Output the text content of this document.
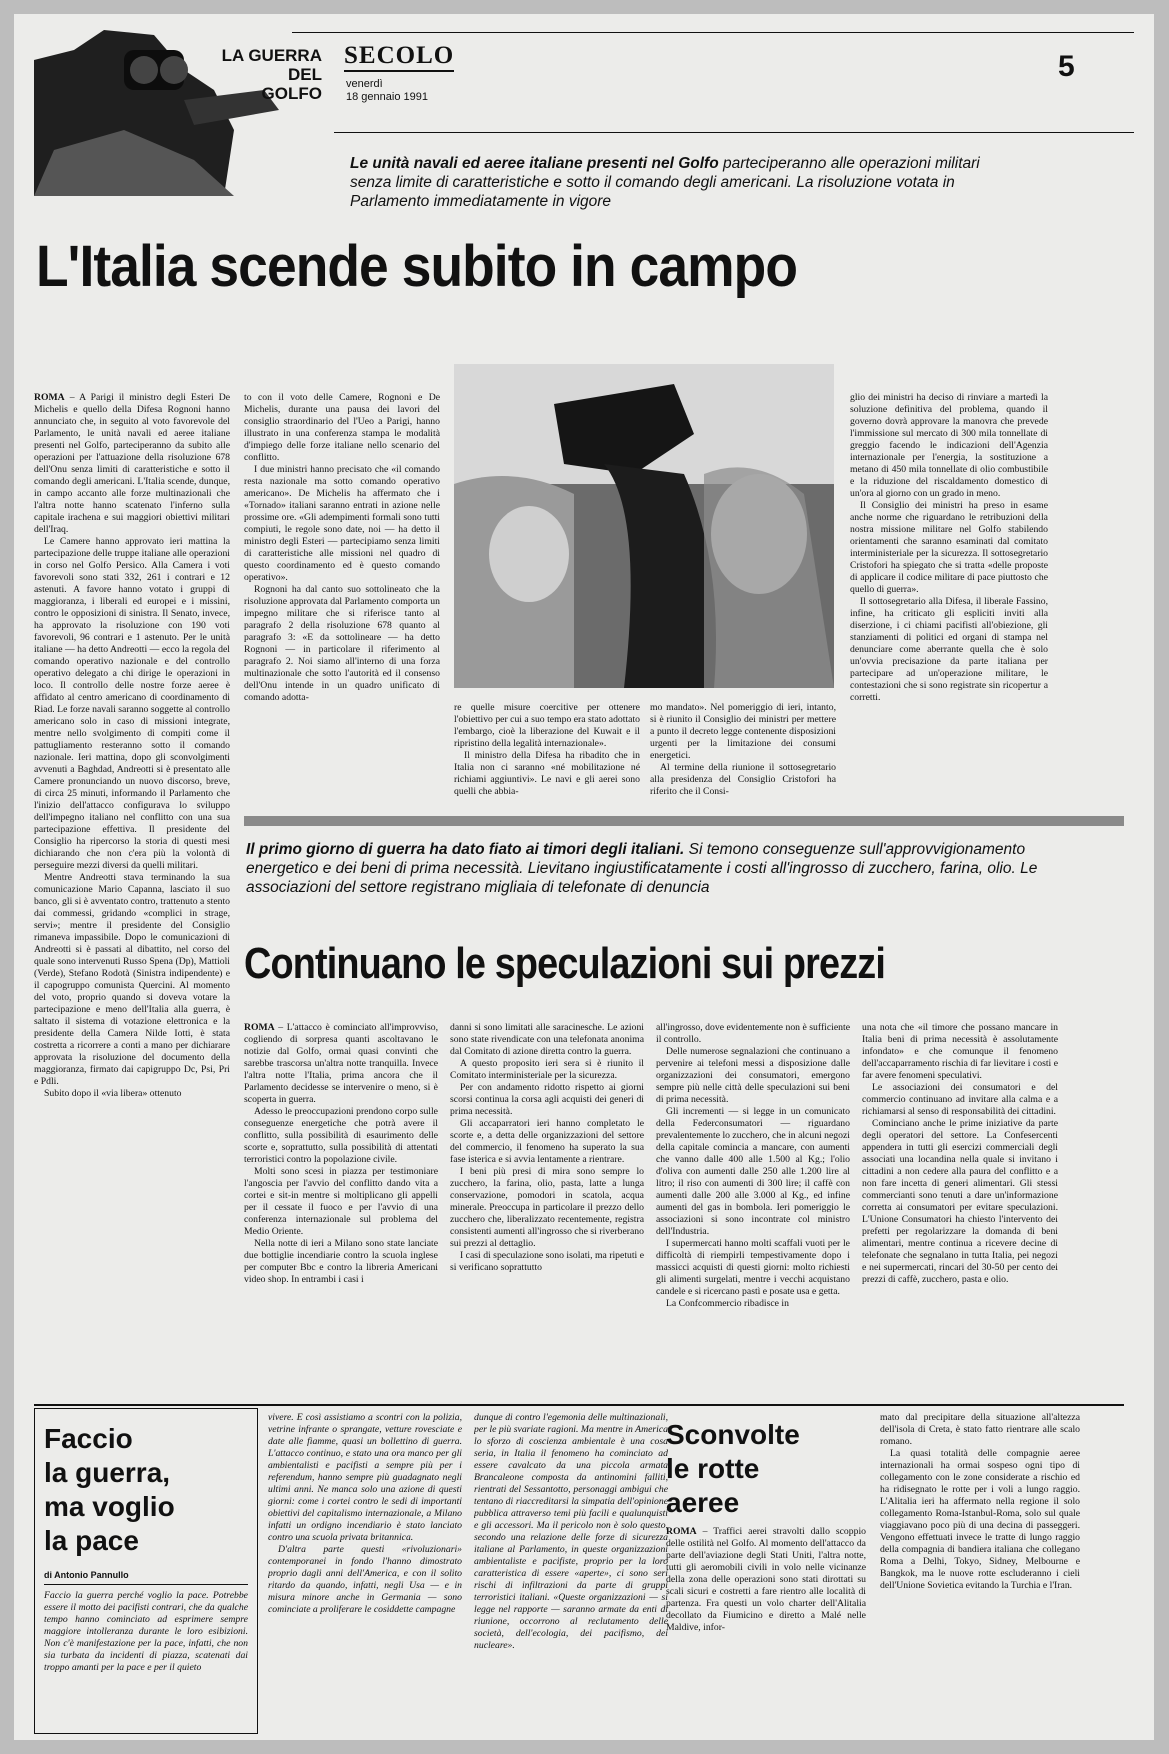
LA GUERRA
DEL
GOLFO
SECOLO
venerdì
18 gennaio 1991
5
Le unità navali ed aeree italiane presenti nel Golfo parteciperanno alle operazioni militari senza limite di caratteristiche e sotto il comando degli americani. La risoluzione votata in Parlamento immediatamente in vigore
L'Italia scende subito in campo

ROMA – A Parigi il ministro degli Esteri De Michelis e quello della Difesa Rognoni hanno annunciato che, in seguito al voto favorevole del Parlamento, le unità navali ed aeree italiane presenti nel Golfo, parteciperanno da subito alle operazioni per l'attuazione della risoluzione 678 dell'Onu senza limiti di caratteristiche e sotto il comando degli americani. L'Italia scende, dunque, in campo accanto alle forze multinazionali che l'altra notte hanno scatenato l'inferno sulla capitale irachena e sui maggiori obiettivi militari dell'Iraq.

Le Camere hanno approvato ieri mattina la partecipazione delle truppe italiane alle operazioni in corso nel Golfo Persico. Alla Camera i voti favorevoli sono stati 332, 261 i contrari e 12 astenuti. A favore hanno votato i gruppi di maggioranza, i liberali ed europei e i missini, contro le opposizioni di sinistra. Il Senato, invece, ha approvato la risoluzione con 190 voti favorevoli, 96 contrari e 1 astenuto. Per le unità italiane — ha detto Andreotti — ecco la regola del comando operativo nazionale e del controllo operativo delegato a chi dirige le operazioni in loco. Il controllo delle nostre forze aeree è affidato al centro americano di coordinamento di Riad. Le forze navali saranno soggette al controllo americano solo in caso di missioni integrate, mentre nello svolgimento di compiti come il pattugliamento resteranno sotto il comando nazionale. Ieri mattina, dopo gli sconvolgimenti avvenuti a Baghdad, Andreotti si è presentato alle Camere pronunciando un nuovo discorso, breve, di circa 25 minuti, informando il Parlamento che l'inizio dell'attacco configurava lo sviluppo dell'impegno italiano nel conflitto con una sua partecipazione effettiva. Il presidente del Consiglio ha ripercorso la storia di questi mesi dichiarando che non c'era più la volontà di perseguire mezzi diversi da quelli militari.

Mentre Andreotti stava terminando la sua comunicazione Mario Capanna, lasciato il suo banco, gli si è avventato contro, trattenuto a stento dai commessi, gridando «complici in strage, servi»; mentre il presidente del Consiglio rimaneva impassibile. Dopo le comunicazioni di Andreotti si è passati al dibattito, nel corso del quale sono intervenuti Russo Spena (Dp), Mattioli (Verde), Stefano Rodotà (Sinistra indipendente) e il capogruppo comunista Quercini. Al momento del voto, proprio quando si doveva votare la partecipazione e meno dell'Italia alla guerra, è saltato il sistema di votazione elettronica e la presidente della Camera Nilde Iotti, è stata costretta a ricorrere a conti a mano per dichiarare approvata la risoluzione del documento della maggioranza, firmato dai capigruppo Dc, Psi, Pri e Pdli.

Subito dopo il «via libera» ottenuto

to con il voto delle Camere, Rognoni e De Michelis, durante una pausa dei lavori del consiglio straordinario del l'Ueo a Parigi, hanno illustrato in una conferenza stampa le modalità d'impiego delle forze italiane nello scenario del conflitto.

I due ministri hanno precisato che «il comando resta nazionale ma sotto comando operativo americano». De Michelis ha affermato che i «Tornado» italiani saranno entrati in azione nelle prossime ore. «Gli adempimenti formali sono tutti compiuti, le regole sono date, noi — ha detto il ministro degli Esteri — partecipiamo senza limiti di caratteristiche alle missioni nel quadro di questo coordinamento ed è questo comando operativo».

Rognoni ha dal canto suo sottolineato che la risoluzione approvata dal Parlamento comporta un impegno militare che si riferisce tanto al paragrafo 2 della risoluzione 678 quanto al paragrafo 3: «E da sottolineare — ha detto Rognoni — in particolare il riferimento al paragrafo 2. Noi siamo all'interno di una forza multinazionale che sotto l'autorità ed il consenso dell'Onu intende in un quadro unificato di comando adotta-

re quelle misure coercitive per ottenere l'obiettivo per cui a suo tempo era stato adottato l'embargo, cioè la liberazione del Kuwait e il ripristino della legalità internazionale».

Il ministro della Difesa ha ribadito che in Italia non ci saranno «né mobilitazione né richiami aggiuntivi». Le navi e gli aerei sono quelli che abbia-

mo mandato». Nel pomeriggio di ieri, intanto, si è riunito il Consiglio dei ministri per mettere a punto il decreto legge contenente disposizioni urgenti per la limitazione dei consumi energetici.

Al termine della riunione il sottosegretario alla presidenza del Consiglio Cristofori ha riferito che il Consi-

glio dei ministri ha deciso di rinviare a martedì la soluzione definitiva del problema, quando il governo dovrà approvare la manovra che prevede l'immissione sul mercato di 300 mila tonnellate di greggio facendo le indicazioni dell'Agenzia internazionale per l'energia, la sostituzione a metano di 450 mila tonnellate di olio combustibile e la riduzione del riscaldamento domestico di un'ora al giorno con un grado in meno.

Il Consiglio dei ministri ha preso in esame anche norme che riguardano le retribuzioni della nostra missione militare nel Golfo stabilendo orientamenti che saranno esaminati dal comitato interministeriale per la sicurezza. Il sottosegretario Cristofori ha spiegato che si tratta «delle proposte di applicare il codice militare di pace piuttosto che quello di guerra».

Il sottosegretario alla Difesa, il liberale Fassino, infine, ha criticato gli espliciti inviti alla diserzione, i ci chiami pacifisti all'obiezione, gli stanziamenti di politici ed organi di stampa nel denunciare come aberrante quella che è solo un'ovvia precisazione da parte italiana per partecipare ad un'operazione militare, le contestazioni che si sono registrate sin ricopertur a corretti.

Il primo giorno di guerra ha dato fiato ai timori degli italiani. Si temono conseguenze sull'approvvigionamento energetico e dei beni di prima necessità. Lievitano ingiustificatamente i costi all'ingrosso di zucchero, farina, olio. Le associazioni del settore registrano migliaia di telefonate di denuncia
Continuano le speculazioni sui prezzi

ROMA – L'attacco è cominciato all'improvviso, cogliendo di sorpresa quanti ascoltavano le notizie dal Golfo, ormai quasi convinti che sarebbe trascorsa un'altra notte tranquilla. Invece l'altra notte l'Italia, prima ancora che il Parlamento decidesse se intervenire o meno, si è scoperta in guerra.

Adesso le preoccupazioni prendono corpo sulle conseguenze energetiche che potrà avere il conflitto, sulla possibilità di esaurimento delle scorte e, soprattutto, sulla possibilità di attentati terroristici contro la popolazione civile.

Molti sono scesi in piazza per testimoniare l'angoscia per l'avvio del conflitto dando vita a cortei e sit-in mentre si moltiplicano gli appelli per il cessate il fuoco e per l'avvio di una conferenza internazionale sul problema del Medio Oriente.

Nella notte di ieri a Milano sono state lanciate due bottiglie incendiarie contro la scuola inglese per computer Bbc e contro la libreria Americani video shop. In entrambi i casi i

danni si sono limitati alle saracinesche. Le azioni sono state rivendicate con una telefonata anonima dal Comitato di azione diretta contro la guerra.

A questo proposito ieri sera si è riunito il Comitato interministeriale per la sicurezza.

Per con andamento ridotto rispetto ai giorni scorsi continua la corsa agli acquisti dei generi di prima necessità.

Gli accaparratori ieri hanno completato le scorte e, a detta delle organizzazioni del settore del commercio, il fenomeno ha superato la sua fase isterica e si avvia lentamente a rientrare.

I beni più presi di mira sono sempre lo zucchero, la farina, olio, pasta, latte a lunga conservazione, pomodori in scatola, acqua minerale. Preoccupa in particolare il prezzo dello zucchero che, liberalizzato recentemente, registra consistenti aumenti all'ingrosso che si riverberano sui prezzi al dettaglio.

I casi di speculazione sono isolati, ma ripetuti e si verificano soprattutto

all'ingrosso, dove evidentemente non è sufficiente il controllo.

Delle numerose segnalazioni che continuano a pervenire ai telefoni messi a disposizione dalle organizzazioni dei consumatori, emergono sempre più nelle città delle speculazioni sui beni di prima necessità.

Gli incrementi — si legge in un comunicato della Federconsumatori — riguardano prevalentemente lo zucchero, che in alcuni negozi della capitale comincia a mancare, con aumenti che vanno dalle 400 alle 1.500 al Kg.; l'olio d'oliva con aumenti dalle 250 alle 1.200 lire al litro; il riso con aumenti di 300 lire; il caffè con aumenti dalle 200 alle 3.000 al Kg., ed infine aumenti del gas in bombola. Ieri pomeriggio le associazioni si sono incontrate col ministro dell'Industria.

I supermercati hanno molti scaffali vuoti per le difficoltà di riempirli tempestivamente dopo i massicci acquisti di questi giorni: molto richiesti gli alimenti surgelati, mentre i vecchi acquistano candele e si ricercano pastì e posate usa e getta.

La Confcommercio ribadisce in

una nota che «il timore che possano mancare in Italia beni di prima necessità è assolutamente infondato» e che comunque il fenomeno dell'accaparramento rischia di far lievitare i costi e far avere fenomeni speculativi.

Le associazioni dei consumatori e del commercio continuano ad invitare alla calma e a richiamarsi al senso di responsabilità dei cittadini.

Cominciano anche le prime iniziative da parte degli operatori del settore. La Confesercenti appendera in tutti gli esercizi commerciali degli associati una locandina nella quale si invitano i cittadini a non cedere alla paura del conflitto e a non fare incetta di generi alimentari. Gli stessi commercianti sono tenuti a dare un'informazione corretta ai consumatori per evitare speculazioni. L'Unione Consumatori ha chiesto l'intervento dei prefetti per regolarizzare la domanda di beni alimentari, mentre continua a ricevere decine di telefonate che segnalano in tutta Italia, pei negozi e nei supermercati, rincari del 30-50 per cento dei prezzi di caffè, zucchero, pasta e olio.

Faccio
la guerra,
ma voglio
la pace
di Antonio Pannullo

Faccio la guerra perché voglio la pace. Potrebbe essere il motto dei pacifisti contrari, che da qualche tempo hanno cominciato ad esprimere sempre maggiore intolleranza durante le loro esibizioni. Non c'è manifestazione per la pace, infatti, che non sia turbata da incidenti di piazza, scatenati dai troppo amanti per la pace e per il quieto

vivere. E così assistiamo a scontri con la polizia, vetrine infrante o sprangate, vetture rovesciate e date alle fiamme, quasi un bollettino di guerra. L'attacco continuo, e stato una ora manco per gli ambientalisti e pacifisti a sempre più per i referendum, hanno sempre più guadagnato negli ultimi anni. Ne manca solo una azione di questi giorni: come i cortei contro le sedi di importanti obiettivi del capitalismo internazionale, a Milano infatti un ordigno incendiario è stato lanciato contro una scuola privata britannica.

D'altra parte questi «rivoluzionari» contemporanei in fondo l'hanno dimostrato proprio dagli anni dell'America, e con il solito ritardo da quando, infatti, negli Usa — e in misura minore anche in Germania — sono cominciate a proliferare le cosiddette campagne

dunque di contro l'egemonia delle multinazionali, per le più svariate ragioni. Ma mentre in America lo sforzo di coscienza ambientale è una cosa seria, in Italia il fenomeno ha cominciato ad essere cavalcato da una piccola armata Brancaleone composta da antinomini falliti, rientrati del Sessantotto, personaggi ambigui che tentano di riaccreditarsi la simpatia dell'opinione pubblica attraverso temi più facili e qualunquisti e gli accessori. Ma il pericolo non è solo questo, secondo una relazione delle forze di sicurezza italiane al Parlamento, in queste organizzazioni ambientaliste e pacifiste, proprio per la loro caratteristica di essere «aperte», ci sono seri rischi di infiltrazioni da parte di gruppi terroristici italiani. «Queste organizzazioni — si legge nel rapporte — saranno armate da enti di riunione, occorrono al reclutamento delle società, dell'ecologia, dei pacifismo, dei nucleare».

Sconvolte
le rotte
aeree

ROMA – Traffici aerei stravolti dallo scoppio delle ostilità nel Golfo. Al momento dell'attacco da parte dell'aviazione degli Stati Uniti, l'altra notte, tutti gli aeromobili civili in volo nelle vicinanze della zona delle operazioni sono stati dirottati su scali sicuri e costretti a fare rientro alle località di partenza. Fra questi un volo charter dell'Alitalia decollato da Fiumicino e diretto a Malé nelle Maldive, infor-

mato dal precipitare della situazione all'altezza dell'isola di Creta, è stato fatto rientrare alle scalo romano.

La quasi totalità delle compagnie aeree internazionali ha ormai sospeso ogni tipo di collegamento con le zone considerate a rischio ed ha ridisegnato le rotte per i voli a lungo raggio. L'Alitalia ieri ha affermato nella regione il solo collegamento Roma-Istanbul-Roma, solo sul quale viaggiavano poco più di una decina di passeggeri. Vengono effettuati invece le tratte di lungo raggio della compagnia di bandiera italiana che collegano Roma a Delhi, Tokyo, Sidney, Melbourne e Bangkok, ma le nuove rotte escluderanno i cieli dell'Unione Sovietica evitando la Turchia e l'Iran.
